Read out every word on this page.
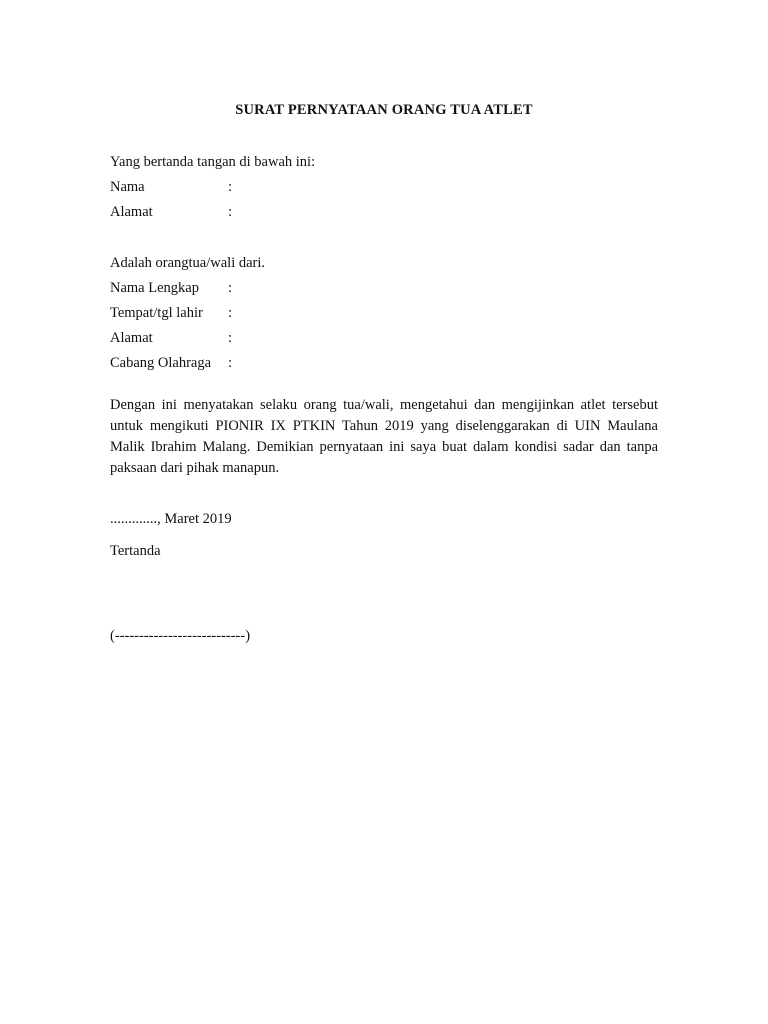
SURAT PERNYATAAN ORANG TUA ATLET
Yang bertanda tangan di bawah ini:
Nama	:
Alamat	:
Adalah orangtua/wali dari.
Nama Lengkap :
Tempat/tgl lahir :
Alamat	:
Cabang Olahraga :
Dengan ini menyatakan selaku orang tua/wali, mengetahui dan mengijinkan atlet tersebut untuk mengikuti PIONIR IX PTKIN Tahun 2019 yang diselenggarakan di UIN Maulana Malik Ibrahim Malang. Demikian pernyataan ini saya buat dalam kondisi sadar dan tanpa paksaan dari pihak manapun.
............., Maret 2019
Tertanda
(---------------------------)
